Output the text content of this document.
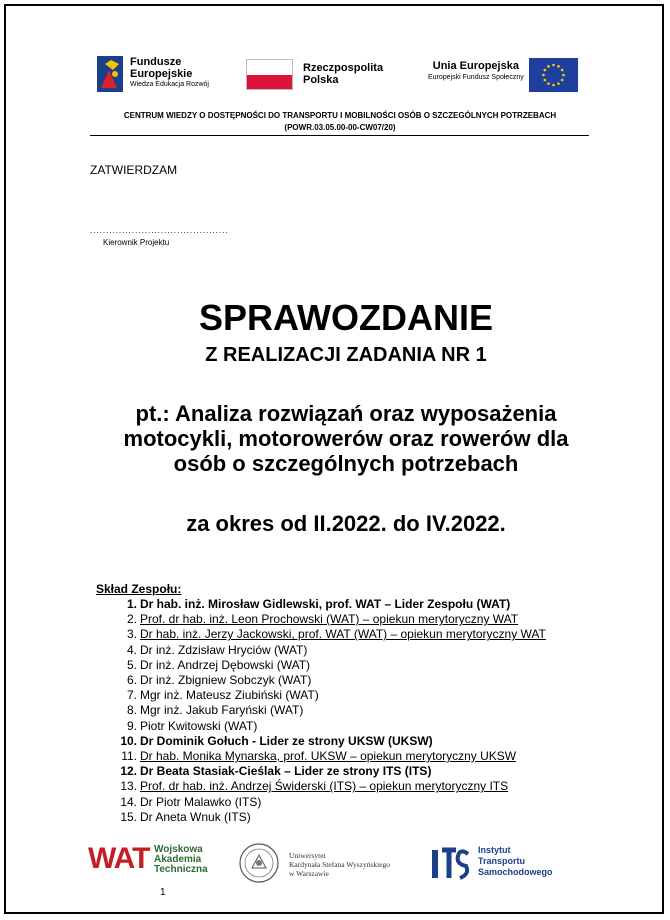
Fundusze
Europejskie
Wiedza Edukacja Rozwój
Rzeczpospolita
Polska
Unia Europejska
Europejski Fundusz Społeczny
CENTRUM WIEDZY O DOSTĘPNOŚCI DO TRANSPORTU I MOBILNOŚCI OSÓB O SZCZEGÓLNYCH POTRZEBACH
(POWR.03.05.00-00-CW07/20)
ZATWIERDZAM
...........................................
Kierownik Projektu
SPRAWOZDANIE
Z REALIZACJI ZADANIA NR 1
pt.: Analiza rozwiązań oraz wyposażenia
motocykli, motorowerów oraz rowerów dla
osób o szczególnych potrzebach
za okres od II.2022. do IV.2022.
Skład Zespołu:
1. Dr hab. inż. Mirosław Gidlewski, prof. WAT – Lider Zespołu (WAT)
2. Prof. dr hab. inż. Leon Prochowski (WAT) – opiekun merytoryczny WAT
3. Dr hab. inż. Jerzy Jackowski, prof. WAT (WAT) – opiekun merytoryczny WAT
4. Dr inż. Zdzisław Hryciów (WAT)
5. Dr inż. Andrzej Dębowski (WAT)
6. Dr inż. Zbigniew Sobczyk (WAT)
7. Mgr inż. Mateusz Ziubiński (WAT)
8. Mgr inż. Jakub Faryński (WAT)
9. Piotr Kwitowski (WAT)
10. Dr Dominik Gołuch - Lider ze strony UKSW (UKSW)
11. Dr hab. Monika Mynarska, prof. UKSW – opiekun merytoryczny UKSW
12. Dr Beata Stasiak-Cieślak – Lider ze strony ITS (ITS)
13. Prof. dr hab. inż. Andrzej Świderski (ITS) – opiekun merytoryczny ITS
14. Dr Piotr Malawko (ITS)
15. Dr Aneta Wnuk (ITS)
WAT Wojskowa
Akademia
Techniczna
Uniwersytet
Kardynała Stefana Wyszyńskiego
w Warszawie
Instytut
Transportu
Samochodowego
1
